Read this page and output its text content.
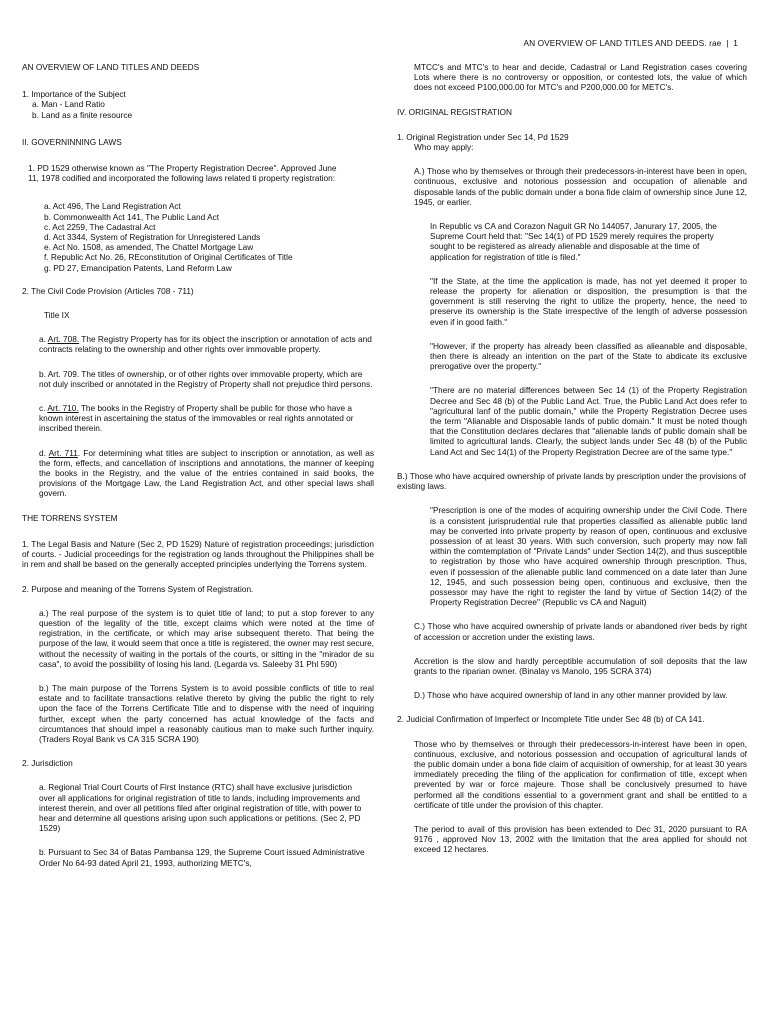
AN OVERVIEW OF LAND TITLES AND DEEDS. rae | 1

AN OVERVIEW OF LAND TITLES AND DEEDS

1. Importance of the Subject

a. Man - Land Ratio

b. Land as a finite resource

II. GOVERNINNING LAWS

1. PD 1529 otherwise known as "The Property Registration Decree". Approved June 11, 1978 codified and incorporated the following laws related ti property registration:

a. Act 496, The Land Registration Act

b. Commonwealth Act 141, The Public Land Act

c. Act 2259, The Cadastral Act

d. Act 3344, System of Registration for Unregistered Lands

e. Act No. 1508, as amended, The Chattel Mortgage Law

f. Republic Act No. 26, REconstitution of Original Certificates of Title

g. PD 27, Emancipation Patents, Land Reform Law

2. The Civil Code Provision (Articles 708 - 711)

Title IX

a. Art. 708. The Registry Property has for its object the inscription or annotation of acts and contracts relating to the ownership and other rights over immovable property.

b. Art. 709. The titles of ownership, or of other rights over immovable property, which are not duly inscribed or annotated in the Registry of Property shall not prejudice third persons.

c. Art. 710. The books in the Registry of Property shall be public for those who have a known interest in ascertaining the status of the immovables or real rights annotated or inscribed therein.

d. Art. 711. For determining what titles are subject to inscription or annotation, as well as the form, effects, and cancellation of inscriptions and annotations, the manner of keeping the books in the Registry, and the value of the entries contained in said books, the provisions of the Mortgage Law, the Land Registration Act, and other special laws shall govern.

THE TORRENS SYSTEM

1. The Legal Basis and Nature (Sec 2, PD 1529) Nature of registration proceedings; jurisdiction of courts. - Judicial proceedings for the registration og lands throughout the Philippines shall be in rem and shall be based on the generally accepted principles underlying the Torrens system.

2. Purpose and meaning of the Torrens System of Registration.

a.) The real purpose of the system is to quiet title of land; to put a stop forever to any question of the legality of the title, except claims which were noted at the time of registration, in the certificate, or which may arise subsequent thereto. That being the purpose of the law, it would seem that once a title is registered, the owner may rest secure, without the necessity of waiting in the portals of the courts, or sitting in the "mirador de su casa", to avoid the possibility of losing his land. (Legarda vs. Saleeby 31 Phl 590)

b.) The main purpose of the Torrens System is to avoid possible conflicts of title to real estate and to facilitate transactions relative thereto by giving the public the right to rely upon the face of the Torrens Certificate Title and to dispense with the need of inquiring further, except when the party concerned has actual knowledge of the facts and circumtances that should impel a reasonably cautious man to make such further inquiry. (Traders Royal Bank vs CA 315 SCRA 190)

2. Jurisdiction

a. Regional Trial Court Courts of First Instance (RTC) shall have exclusive jurisdiction over all applications for original registration of title to lands, including improvements and interest therein, and over all petitions filed after original registration of title, with power to hear and determine all questions arising upon such applications or petitions. (Sec 2, PD 1529)

b. Pursuant to Sec 34 of Batas Pambansa 129, the Supreme Court issued Administrative Order No 64-93 dated April 21, 1993, authorizing METC's,

MTCC's and MTC's to hear and decide, Cadastral or Land Registration cases covering Lots where there is no controversy or opposition, or contested lots, the value of which does not exceed P100,000.00 for MTC's and P200,000.00 for METC's.

IV. ORIGINAL REGISTRATION

1. Original Registration under Sec 14, Pd 1529

Who may apply:

A.) Those who by themselves or through their predecessors-in-interest have been in open, continuous, exclusive and notorious possession and occupation of alienable and disposable lands of the public domain under a bona fide claim of ownership since June 12, 1945, or earlier.

In Republic vs CA and Corazon Naguit GR No 144057, Janurary 17, 2005, the Supreme Court held that: "Sec 14(1) of PD 1529 merely requires the property sought to be registered as already alienable and disposable at the time of application for registration of title is filed."

"If the State, at the time the application is made, has not yet deemed it proper to release the property for alienation or disposition, the presumption is that the government is still reserving the right to utilize the property, hence, the need to preserve its ownership is the State irrespective of the length of adverse possession even if in good faith."

"However, if the property has already been classified as alieanable and disposable, then there is already an intention on the part of the State to abdicate its exclusive prerogative over the property."

"There are no material differences between Sec 14 (1) of the Property Registration Decree and Sec 48 (b) of the Public Land Act. True, the Public Land Act does refer to "agricultural lanf of the public domain," while the Property Registration Decree uses the term "Alianable and Disposable lands of public domain." It must be noted though that the Constitution declares declares that "alienable lands of public domain shall be limited to agricultural lands. Clearly, the subject lands under Sec 48 (b) of the Public Land Act and Sec 14(1) of the Property Registration Decree are of the same type."

B.) Those who have acquired ownership of private lands by prescription under the provisions of existing laws.

"Prescription is one of the modes of acquiring ownership under the Civil Code. There is a consistent jurisprudential rule that properties classified as alienable public land may be converted into private property by reason of open, continuous and exclusive possession of at least 30 years. With such conversion, such property may now fall within the comtemplation of "Private Lands" under Section 14(2), and thus susceptible to registration by those who have acquired ownership through prescription. Thus, even if possession of the alienable public land commenced on a date later than June 12, 1945, and such possession being open, continuous and exclusive, then the possessor may have the right to register the land by virtue of Section 14(2) of the Property Registration Decree" (Republic vs CA and Naguit)

C.) Those who have acquired ownership of private lands or abandoned river beds by right of accession or accretion under the existing laws.

Accretion is the slow and hardly perceptible accumulation of soil deposits that the law grants to the riparian owner. (Binalay vs Manolo, 195 SCRA 374)

D.) Those who have acquired ownership of land in any other manner provided by law.

2. Judicial Confirmation of Imperfect or Incomplete Title under Sec 48 (b) of CA 141.

Those who by themselves or through their predecessors-in-interest have been in open, continuous, exclusive, and notorious possession and occupation of agricultural lands of the public domain under a bona fide claim of acquisition of ownership, for at least 30 years immediately preceding the filing of the application for confirmation of title, except when prevented by war or force majeure. Those shall be conclusively presumed to have performed all the conditions essential to a government grant and shall be entitled to a certificate of title under the provision of this chapter.

The period to avail of this provision has been extended to Dec 31, 2020 pursuant to RA 9176 , approved Nov 13, 2002 with the limitation that the area applied for should not exceed 12 hectares.
